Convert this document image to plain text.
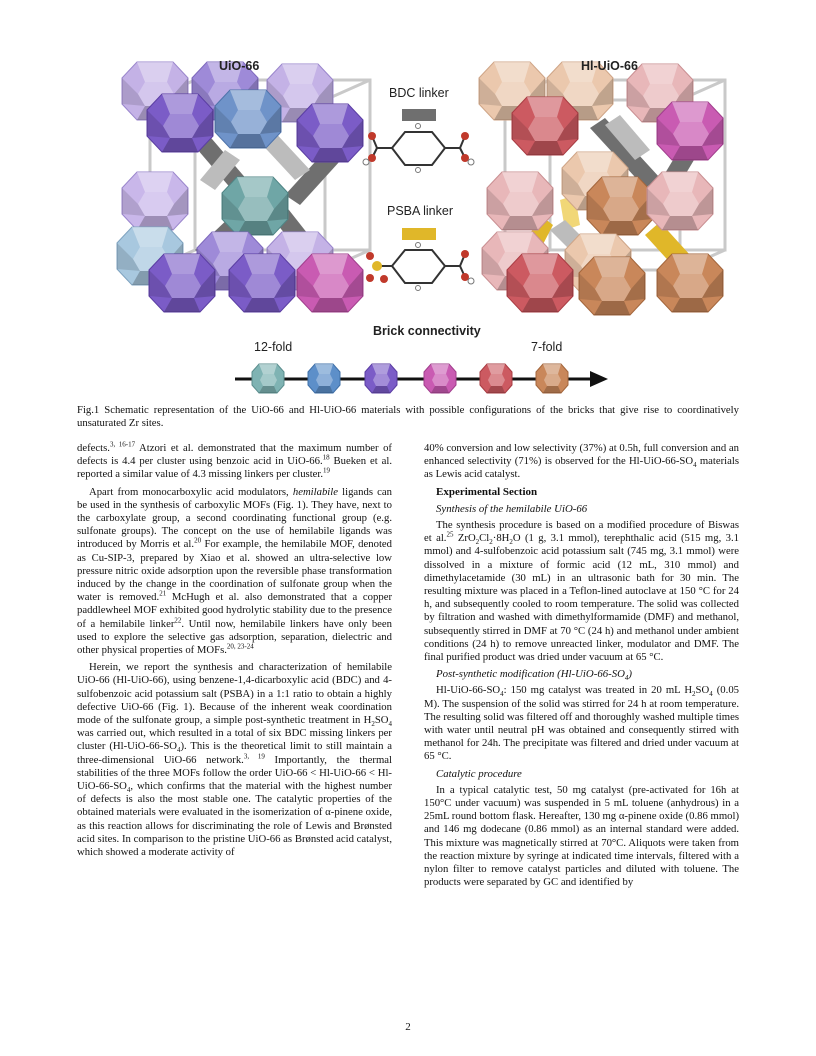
UiO-66	Hl-UiO-66
BDC linker
PSBA linker
Brick connectivity
12-fold	7-fold
Fig.1 Schematic representation of the UiO-66 and Hl-UiO-66 materials with possible configurations of the bricks that give rise to coordinatively unsaturated Zr sites.

defects.$^{3, 16-17}$ Atzori et al. demonstrated that the maximum number of defects is 4.4 per cluster using benzoic acid in UiO-66.18 Bueken et al. reported a similar value of 4.3 missing linkers per cluster.$^{19}$

Apart from monocarboxylic acid modulators, hemilabile ligands can be used in the synthesis of carboxylic MOFs (Fig. 1). They have, next to the carboxylate group, a second coordinating functional group (e.g. sulfonate groups). The concept on the use of hemilabile ligands was introduced by Morris et al.$^{20}$ For example, the hemilabile MOF, denoted as Cu-SIP-3, prepared by Xiao et al. showed an ultra-selective low pressure nitric oxide adsorption upon the reversible phase transformation induced by the change in the coordination of sulfonate group when the water is removed.$^{21}$ McHugh et al. also demonstrated that a copper paddlewheel MOF exhibited good hydrolytic stability due to the presence of a hemilabile linker$^{22}$. Until now, hemilabile linkers have only been used to explore the selective gas adsorption, separation, dielectric and other physical properties of MOFs.$^{20, 23-24}$

Herein, we report the synthesis and characterization of hemilabile UiO-66 (Hl-UiO-66), using benzene-1,4-dicarboxylic acid (BDC) and 4-sulfobenzoic acid potassium salt (PSBA) in a 1:1 ratio to obtain a highly defective UiO-66 (Fig. 1). Because of the inherent weak coordination mode of the sulfonate group, a simple post-synthetic treatment in $H_2SO_4$ was carried out, which resulted in a total of six BDC missing linkers per cluster $(Hl-UiO-66-SO_4)$. This is the theoretical limit to still maintain a three-dimensional UiO-66 network.$^{3, 19}$ Importantly, the thermal stabilities of the three MOFs follow the order $UiO-66 < Hl-UiO-66 < Hl-UiO-66-SO_4$, which confirms that the material with the highest number of defects is also the most stable one. The catalytic properties of the obtained materials were evaluated in the isomerization of α-pinene oxide, as this reaction allows for discriminating the role of Lewis and Brønsted acid sites. In comparison to the pristine UiO-66 as Brønsted acid catalyst, which showed a moderate activity of

40% conversion and low selectivity (37%) at 0.5h, full conversion and an enhanced selectivity (71%) is observed for the $Hl-UiO-66-SO_4$ materials as Lewis acid catalyst.

Experimental Section
Synthesis of the hemilabile UiO-66

The synthesis procedure is based on a modified procedure of Biswas et al.$^{25}$ $ZrO_2Cl_2\cdot 8H_2O$ (1 g, 3.1 mmol), terephthalic acid (515 mg, 3.1 mmol) and 4-sulfobenzoic acid potassium salt (745 mg, 3.1 mmol) were dissolved in a mixture of formic acid (12 mL, 310 mmol) and dimethylacetamide (30 mL) in an ultrasonic bath for 30 min. The resulting mixture was placed in a Teflon-lined autoclave at 150 °C for 24 h, and subsequently cooled to room temperature. The solid was collected by filtration and washed with dimethylformamide (DMF) and methanol, subsequently stirred in DMF at 70 °C (24 h) and methanol under ambient conditions (24 h) to remove unreacted linker, modulator and DMF. The final purified product was dried under vacuum at 65 °C.

Post-synthetic modification $(Hl-UiO-66-SO_4)$

$Hl-UiO-66-SO_4$: 150 mg catalyst was treated in 20 mL $H_2SO_4$ (0.05 M). The suspension of the solid was stirred for 24 h at room temperature. The resulting solid was filtered off and thoroughly washed multiple times with water until neutral pH was obtained and consequently stirred with methanol for 24h. The precipitate was filtered and dried under vacuum at 65 °C.

Catalytic procedure

In a typical catalytic test, 50 mg catalyst (pre-activated for 16h at 150°C under vacuum) was suspended in 5 mL toluene (anhydrous) in a 25mL round bottom flask. Hereafter, 130 mg α-pinene oxide (0.86 mmol) and 146 mg dodecane (0.86 mmol) as an internal standard were added. This mixture was magnetically stirred at 70°C. Aliquots were taken from the reaction mixture by syringe at indicated time intervals, filtered with a nylon filter to remove catalyst particles and diluted with toluene. The products were separated by GC and identified by

2
